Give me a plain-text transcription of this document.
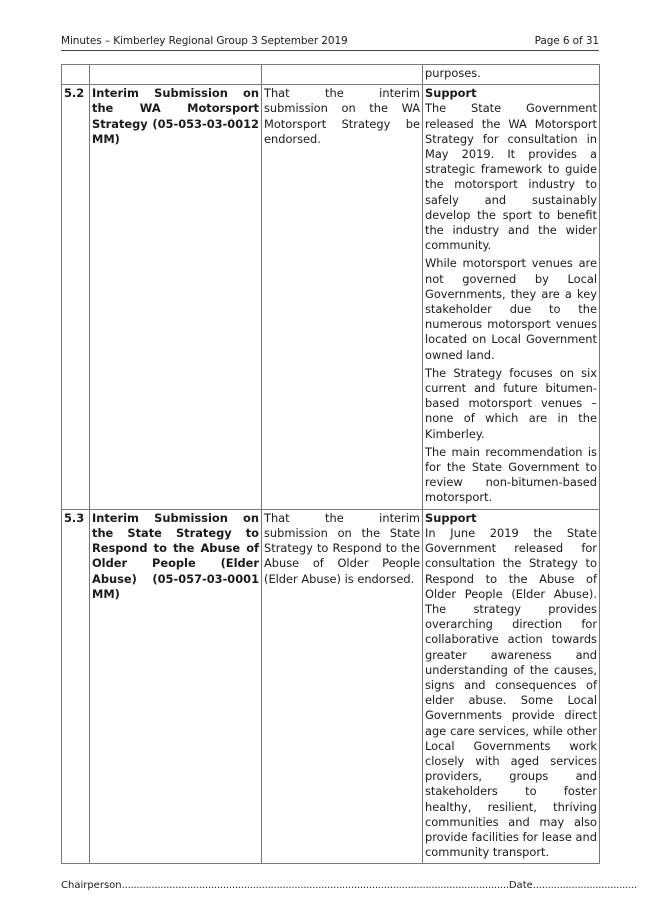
Minutes – Kimberley Regional Group 3 September 2019	Page 6 of 31

			purposes.

5.2	Interim Submission on the WA Motorsport Strategy (05-053-03-0012 MM)	That the interim submission on the WA Motorsport Strategy be endorsed.	Support

The State Government released the WA Motorsport Strategy for consultation in May 2019. It provides a strategic framework to guide the motorsport industry to safely and sustainably develop the sport to benefit the industry and the wider community.

While motorsport venues are not governed by Local Governments, they are a key stakeholder due to the numerous motorsport venues located on Local Government owned land.

The Strategy focuses on six current and future bitumen-based motorsport venues – none of which are in the Kimberley.

The main recommendation is for the State Government to review non-bitumen-based motorsport.

5.3	Interim Submission on the State Strategy to Respond to the Abuse of Older People (Elder Abuse) (05-057-03-0001 MM)	That the interim submission on the State Strategy to Respond to the Abuse of Older People (Elder Abuse) is endorsed.	Support

In June 2019 the State Government released for consultation the Strategy to Respond to the Abuse of Older People (Elder Abuse). The strategy provides overarching direction for collaborative action towards greater awareness and understanding of the causes, signs and consequences of elder abuse. Some Local Governments provide direct age care services, while other Local Governments work closely with aged services providers, groups and stakeholders to foster healthy, resilient, thriving communities and may also provide facilities for lease and community transport.

Chairperson..................................................................................................................................Date...................................
